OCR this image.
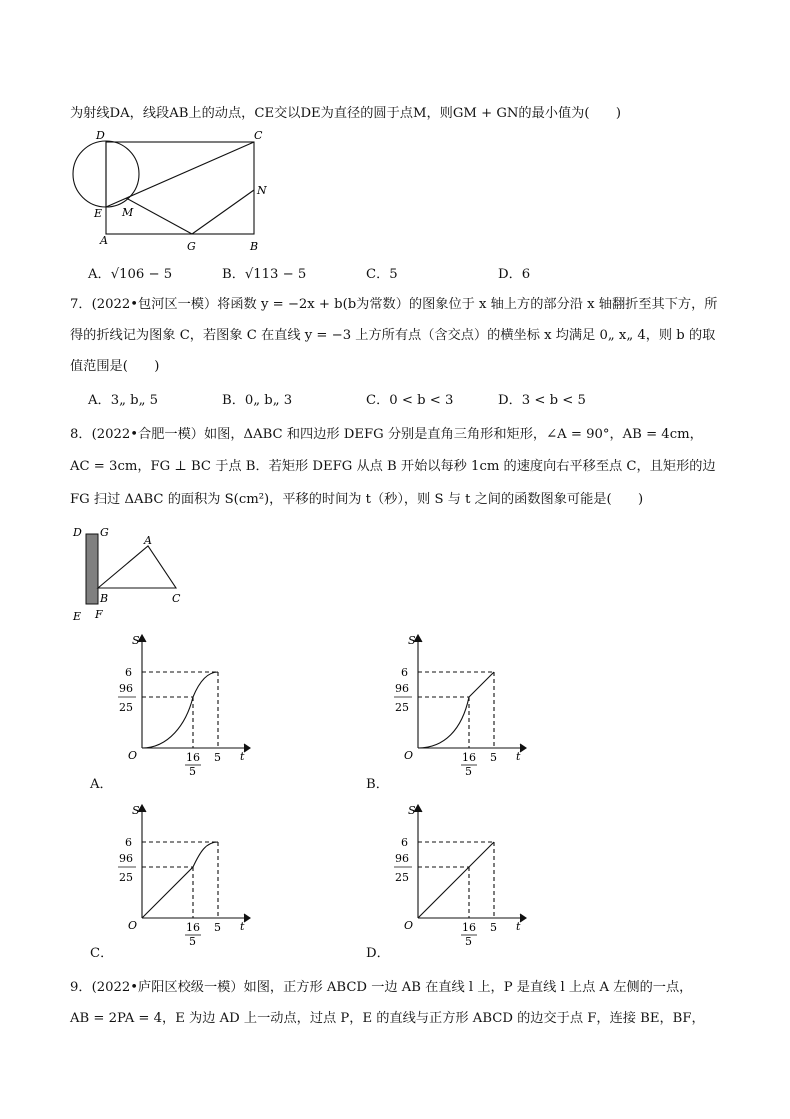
为射线DA，线段AB上的动点，CE交以DE为直径的圆于点M，则GM + GN的最小值为(　　)
D	C
E M
N
A	G	B
A．√106 − 5	B．√113 − 5	C．5	D．6
7．(2022•包河区一模）将函数 y = −2x + b(b为常数）的图象位于 x 轴上方的部分沿 x 轴翻折至其下方，所
得的折线记为图象 C，若图象 C 在直线 y = −3 上方所有点（含交点）的横坐标 x 均满足 0„ x„ 4，则 b 的取
值范围是(　　)
A．3„ b„ 5	B．0„ b„ 3	C．0 < b < 3	D．3 < b < 5
8．(2022•合肥一模）如图，ΔABC 和四边形 DEFG 分别是直角三角形和矩形，∠A = 90°，AB = 4cm，
AC = 3cm，FG ⊥ BC 于点 B．若矩形 DEFG 从点 B 开始以每秒 1cm 的速度向右平移至点 C，且矩形的边
FG 扫过 ΔABC 的面积为 S(cm²)，平移的时间为 t（秒），则 S 与 t 之间的函数图象可能是(　　)
D G
A
B	C
E F
S
t
O
6
96
25
16
5
5
A．
S
t
O
6
96
25
16
5
5
B．
S
t
O
6
96
25
16
5
5
C．
S
t
O
6
96
25
16
5
5
D．
9．(2022•庐阳区校级一模）如图，正方形 ABCD 一边 AB 在直线 l 上，P 是直线 l 上点 A 左侧的一点，
AB = 2PA = 4，E 为边 AD 上一动点，过点 P，E 的直线与正方形 ABCD 的边交于点 F，连接 BE，BF，
